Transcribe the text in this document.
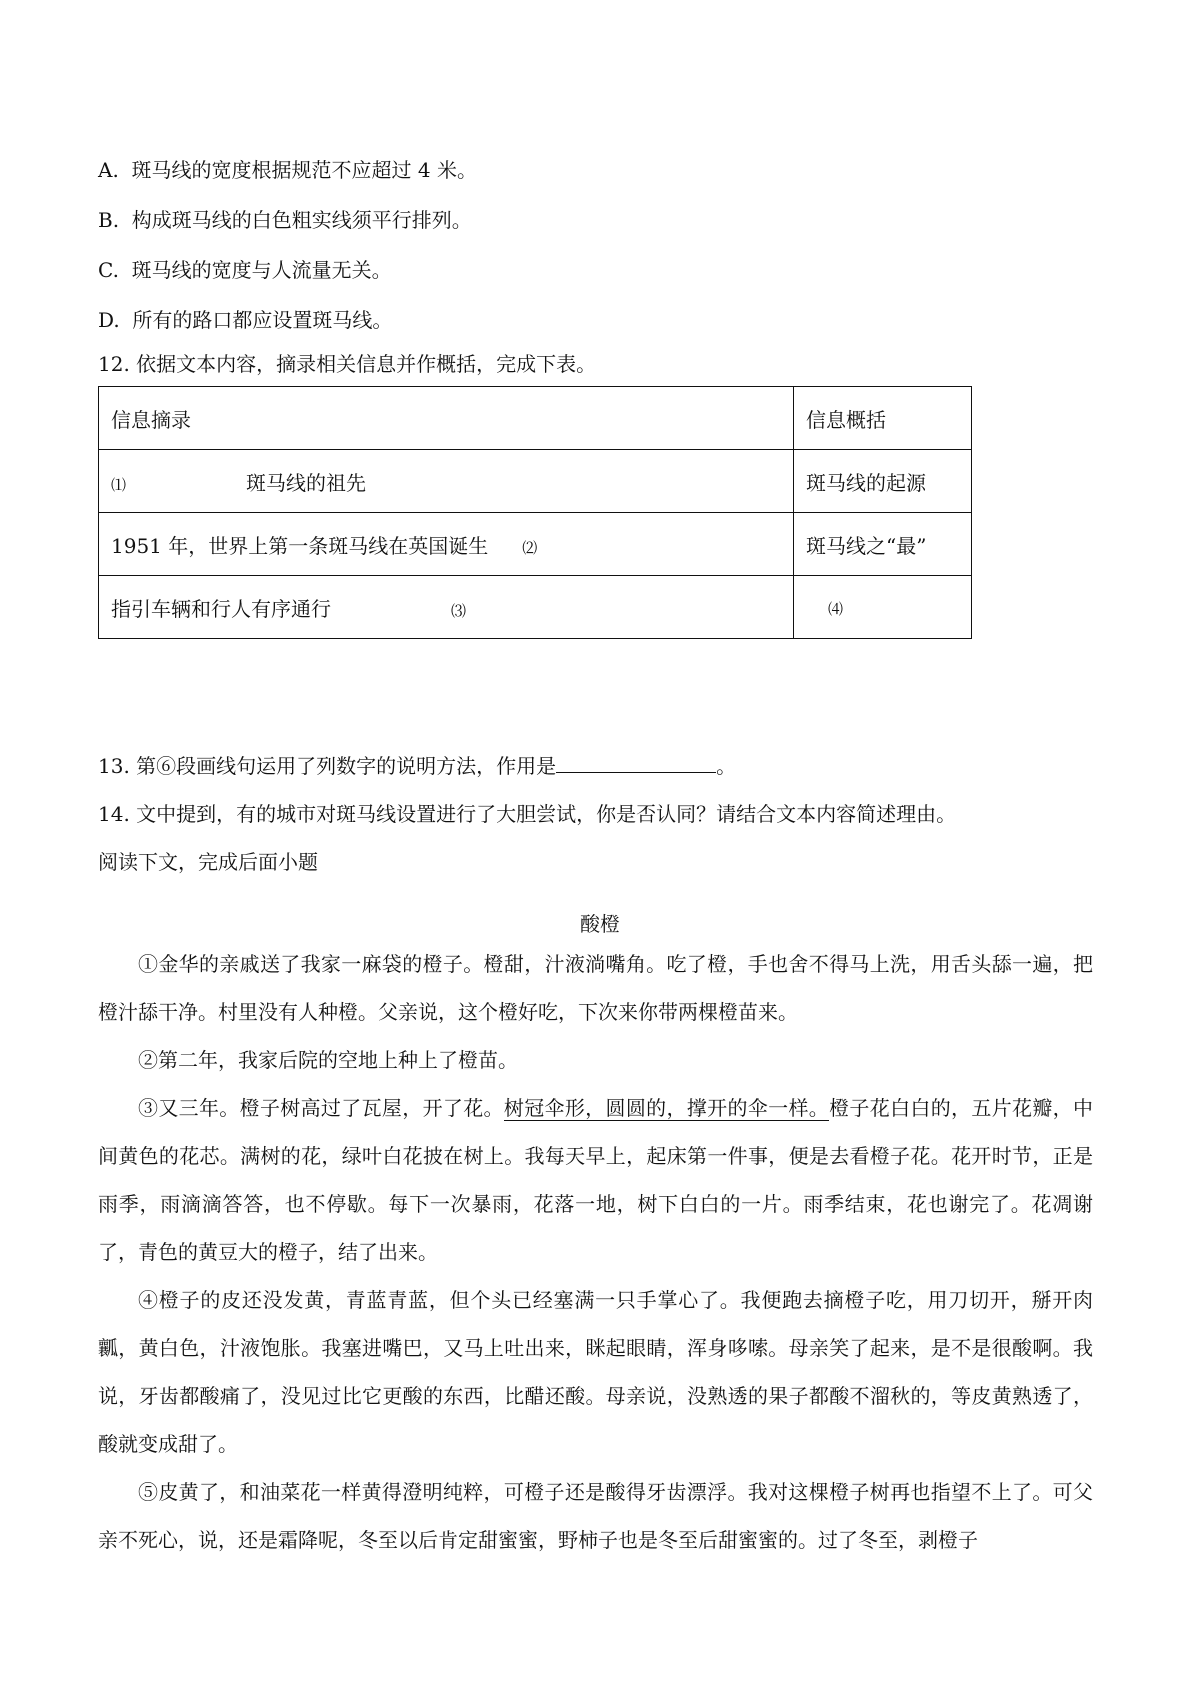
A. 斑马线的宽度根据规范不应超过 4 米。
B. 构成斑马线的白色粗实线须平行排列。
C. 斑马线的宽度与人流量无关。
D. 所有的路口都应设置斑马线。
12. 依据文本内容，摘录相关信息并作概括，完成下表。
信息摘录	信息概括
⑴ 斑马线的祖先	斑马线的起源
1951 年，世界上第一条斑马线在英国诞生 ⑵	斑马线之“最”
指引车辆和行人有序通行 ⑶	⑷
13. 第⑥段画线句运用了列数字的说明方法，作用是	。
14. 文中提到，有的城市对斑马线设置进行了大胆尝试，你是否认同？请结合文本内容简述理由。
阅读下文，完成后面小题
酸橙
①金华的亲戚送了我家一麻袋的橙子。橙甜，汁液淌嘴角。吃了橙，手也舍不得马上洗，用舌头舔一遍，把橙汁舔干净。村里没有人种橙。父亲说，这个橙好吃，下次来你带两棵橙苗来。
②第二年，我家后院的空地上种上了橙苗。
③又三年。橙子树高过了瓦屋，开了花。树冠伞形，圆圆的，撑开的伞一样。橙子花白白的，五片花瓣，中间黄色的花芯。满树的花，绿叶白花披在树上。我每天早上，起床第一件事，便是去看橙子花。花开时节，正是雨季，雨滴滴答答，也不停歇。每下一次暴雨，花落一地，树下白白的一片。雨季结束，花也谢完了。花凋谢了，青色的黄豆大的橙子，结了出来。
④橙子的皮还没发黄，青蓝青蓝，但个头已经塞满一只手掌心了。我便跑去摘橙子吃，用刀切开，掰开肉瓤，黄白色，汁液饱胀。我塞进嘴巴，又马上吐出来，眯起眼睛，浑身哆嗦。母亲笑了起来，是不是很酸啊。我说，牙齿都酸痛了，没见过比它更酸的东西，比醋还酸。母亲说，没熟透的果子都酸不溜秋的，等皮黄熟透了，酸就变成甜了。
⑤皮黄了，和油菜花一样黄得澄明纯粹，可橙子还是酸得牙齿漂浮。我对这棵橙子树再也指望不上了。可父亲不死心，说，还是霜降呢，冬至以后肯定甜蜜蜜，野柿子也是冬至后甜蜜蜜的。过了冬至，剥橙子
